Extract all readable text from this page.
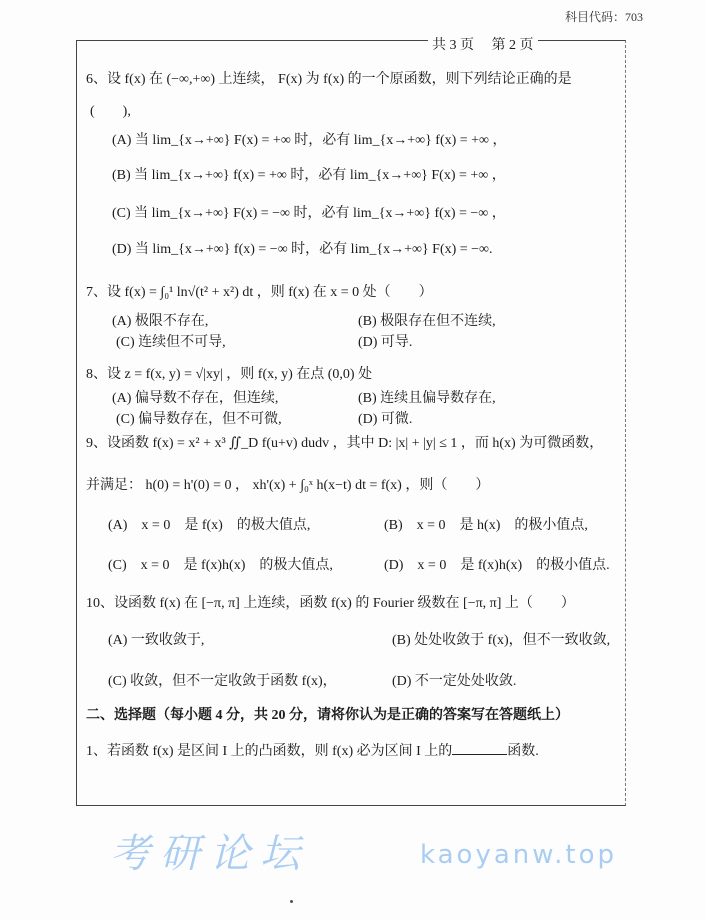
考研论坛	kaoyanw.top
科目代码：703
共 3 页　 第 2 页
6、设 f(x) 在 (−∞,+∞) 上连续， F(x) 为 f(x) 的一个原函数，则下列结论正确的是
(　　),
(A) 当 lim_{x→+∞} F(x) = +∞ 时，必有 lim_{x→+∞} f(x) = +∞ ，
(B) 当 lim_{x→+∞} f(x) = +∞ 时，必有 lim_{x→+∞} F(x) = +∞ ，
(C) 当 lim_{x→+∞} F(x) = −∞ 时，必有 lim_{x→+∞} f(x) = −∞ ，
(D) 当 lim_{x→+∞} f(x) = −∞ 时，必有 lim_{x→+∞} F(x) = −∞.
7、设 f(x) = ∫₀¹ ln√(t² + x²) dt ，则 f(x) 在 x = 0 处（　　）
(A) 极限不存在,	(B) 极限存在但不连续,
(C) 连续但不可导,	(D) 可导.
8、设 z = f(x, y) = √|xy| ，则 f(x, y) 在点 (0,0) 处
(A) 偏导数不存在，但连续,	(B) 连续且偏导数存在,
(C) 偏导数存在，但不可微,	(D) 可微.
9、设函数 f(x) = x² + x³ ∬_D f(u+v) dudv ，其中 D: |x| + |y| ≤ 1 ，而 h(x) 为可微函数，
并满足： h(0) = h'(0) = 0 ， xh'(x) + ∫₀ˣ h(x−t) dt = f(x) ，则（　　）
(A)　x = 0　是 f(x)　的极大值点,	(B)　x = 0　是 h(x)　的极小值点,
(C)　x = 0　是 f(x)h(x)　的极大值点,	(D)　x = 0　是 f(x)h(x)　的极小值点.
10、设函数 f(x) 在 [−π, π] 上连续，函数 f(x) 的 Fourier 级数在 [−π, π] 上（　　）
(A) 一致收敛于,	(B) 处处收敛于 f(x)，但不一致收敛,
(C) 收敛，但不一定收敛于函数 f(x)，	(D) 不一定处处收敛.
二、选择题（每小题 4 分，共 20 分，请将你认为是正确的答案写在答题纸上）
1、若函数 f(x) 是区间 I 上的凸函数，则 f(x) 必为区间 I 上的	函数.
